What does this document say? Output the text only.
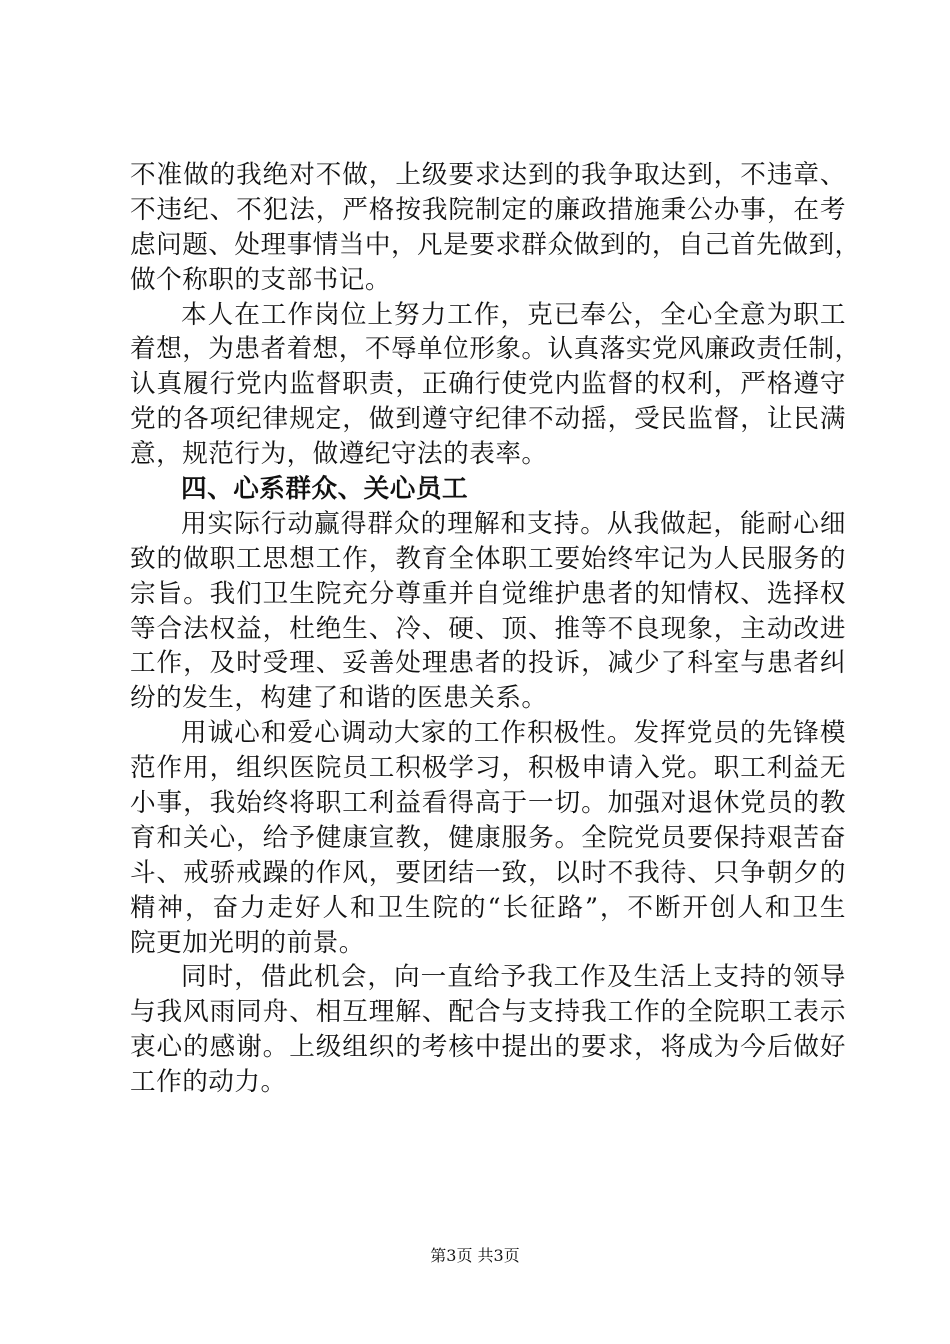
不准做的我绝对不做，上级要求达到的我争取达到，不违章、
不违纪、不犯法，严格按我院制定的廉政措施秉公办事，在考
虑问题、处理事情当中，凡是要求群众做到的，自己首先做到，
做个称职的支部书记。
本人在工作岗位上努力工作，克已奉公，全心全意为职工
着想，为患者着想，不辱单位形象。认真落实党风廉政责任制，
认真履行党内监督职责，正确行使党内监督的权利，严格遵守
党的各项纪律规定，做到遵守纪律不动摇，受民监督，让民满
意，规范行为，做遵纪守法的表率。
四、心系群众、关心员工
用实际行动赢得群众的理解和支持。从我做起，能耐心细
致的做职工思想工作，教育全体职工要始终牢记为人民服务的
宗旨。我们卫生院充分尊重并自觉维护患者的知情权、选择权
等合法权益，杜绝生、冷、硬、顶、推等不良现象，主动改进
工作，及时受理、妥善处理患者的投诉，减少了科室与患者纠
纷的发生，构建了和谐的医患关系。
用诚心和爱心调动大家的工作积极性。发挥党员的先锋模
范作用，组织医院员工积极学习，积极申请入党。职工利益无
小事，我始终将职工利益看得高于一切。加强对退休党员的教
育和关心，给予健康宣教，健康服务。全院党员要保持艰苦奋
斗、戒骄戒躁的作风，要团结一致，以时不我待、只争朝夕的
精神，奋力走好人和卫生院的“长征路”，不断开创人和卫生
院更加光明的前景。
同时，借此机会，向一直给予我工作及生活上支持的领导
与我风雨同舟、相互理解、配合与支持我工作的全院职工表示
衷心的感谢。上级组织的考核中提出的要求，将成为今后做好
工作的动力。
第3页 共3页
